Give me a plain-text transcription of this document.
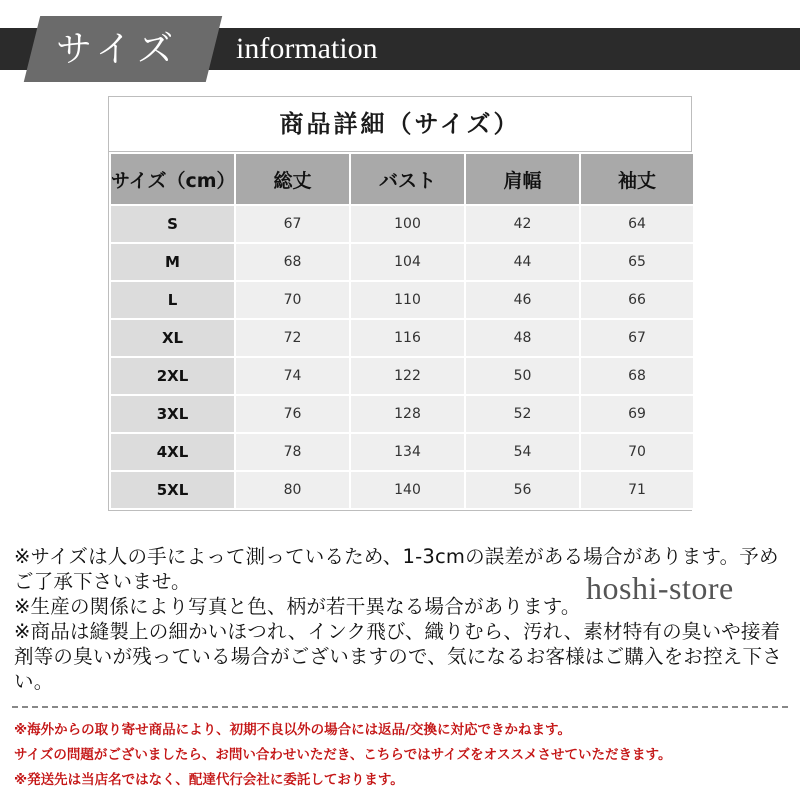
サイズ information
商品詳細（サイズ）
サイズ（cm）	総丈	バスト	肩幅	袖丈
S	67	100	42	64
M	68	104	44	65
L	70	110	46	66
XL	72	116	48	67
2XL	74	122	50	68
3XL	76	128	52	69
4XL	78	134	54	70
5XL	80	140	56	71
※サイズは人の手によって測っているため、1-3cmの誤差がある場合があります。予めご了承下さいませ。
※生産の関係により写真と色、柄が若干異なる場合があります。
※商品は縫製上の細かいほつれ、インク飛び、織りむら、汚れ、素材特有の臭いや接着剤等の臭いが残っている場合がございますので、気になるお客様はご購入をお控え下さい。
hoshi-store
※海外からの取り寄せ商品により、初期不良以外の場合には返品/交換に対応できかねます。
サイズの問題がございましたら、お問い合わせいただき、こちらではサイズをオススメさせていただきます。
※発送先は当店名ではなく、配達代行会社に委託しております。
